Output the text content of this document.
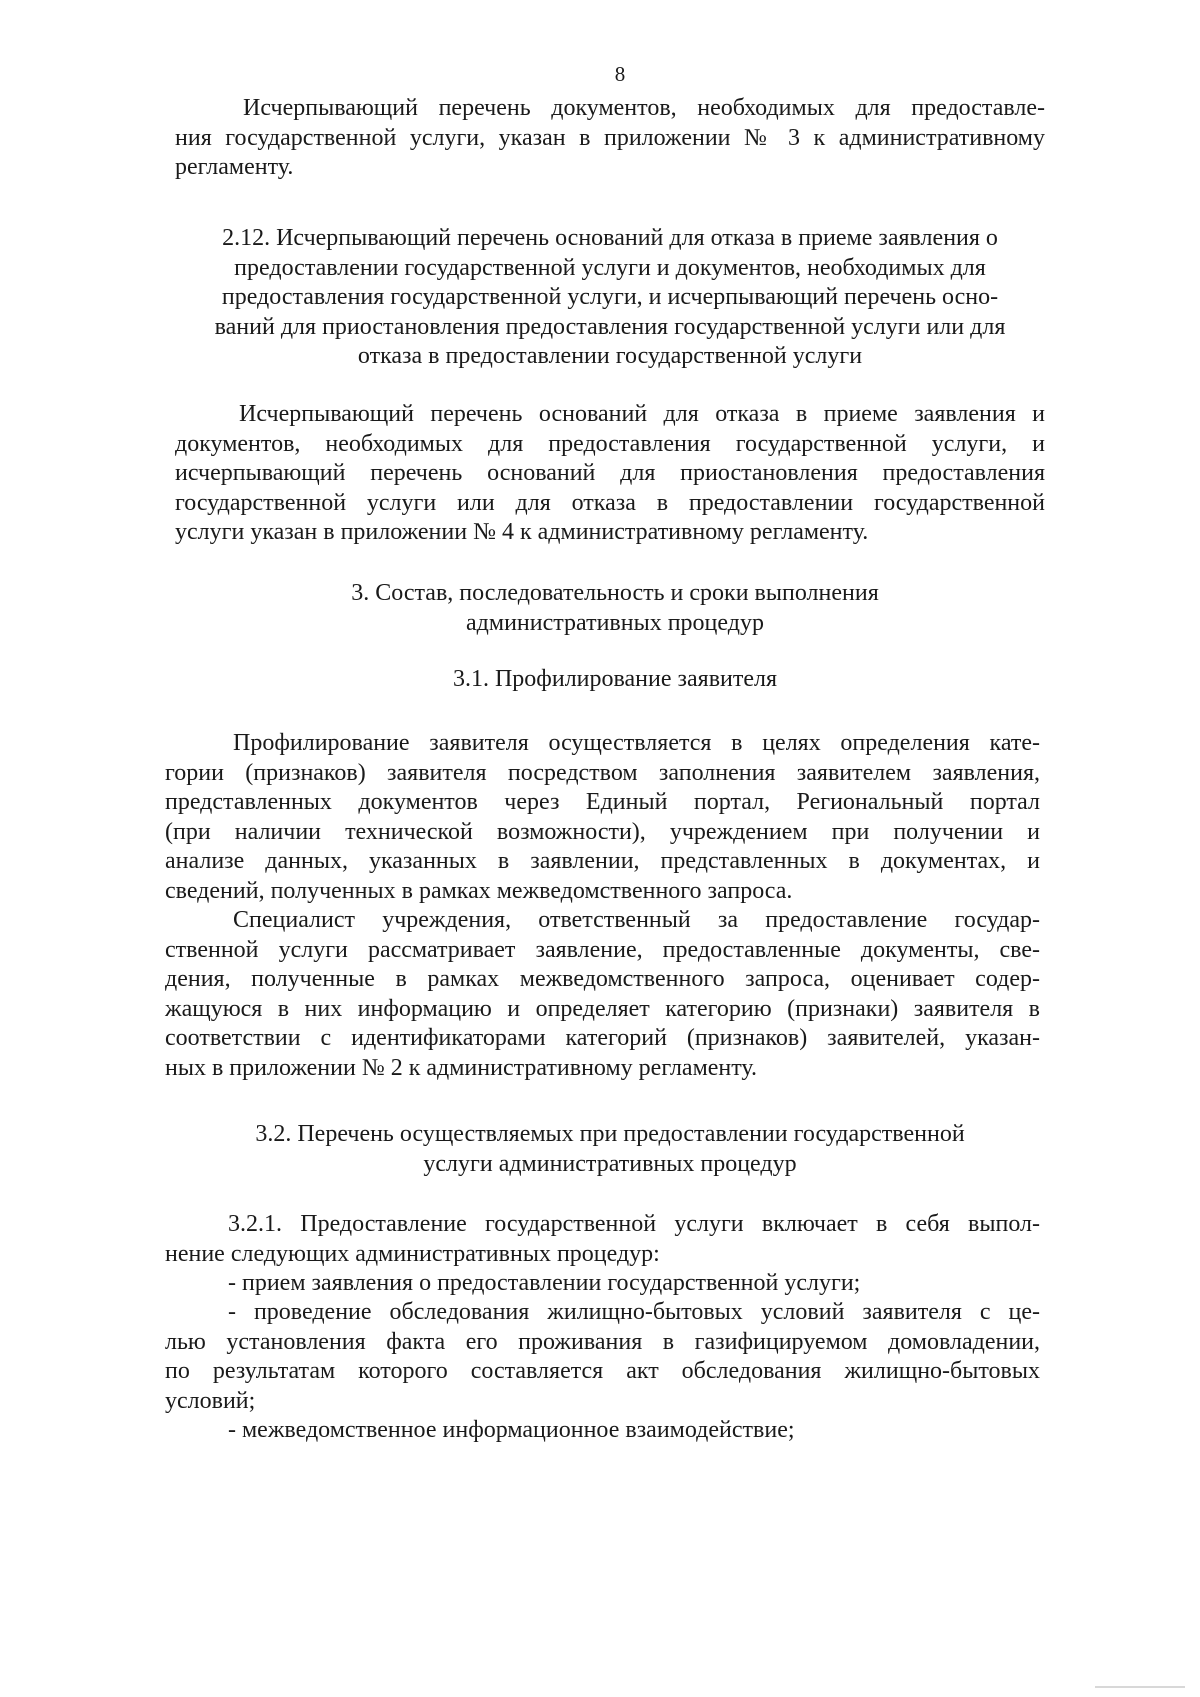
8
Исчерпывающий перечень документов, необходимых для предоставле-
ния государственной услуги, указан в приложении № 3 к административному
регламенту.
2.12. Исчерпывающий перечень оснований для отказа в приеме заявления о
предоставлении государственной услуги и документов, необходимых для
предоставления государственной услуги, и исчерпывающий перечень осно-
ваний для приостановления предоставления государственной услуги или для
отказа в предоставлении государственной услуги
Исчерпывающий перечень оснований для отказа в приеме заявления и
документов, необходимых для предоставления государственной услуги, и
исчерпывающий перечень оснований для приостановления предоставления
государственной услуги или для отказа в предоставлении государственной
услуги указан в приложении № 4 к административному регламенту.
3. Состав, последовательность и сроки выполнения
административных процедур
3.1. Профилирование заявителя
Профилирование заявителя осуществляется в целях определения кате-
гории (признаков) заявителя посредством заполнения заявителем заявления,
представленных документов через Единый портал, Региональный портал
(при наличии технической возможности), учреждением при получении и
анализе данных, указанных в заявлении, представленных в документах, и
сведений, полученных в рамках межведомственного запроса.
Специалист учреждения, ответственный за предоставление государ-
ственной услуги рассматривает заявление, предоставленные документы, све-
дения, полученные в рамках межведомственного запроса, оценивает содер-
жащуюся в них информацию и определяет категорию (признаки) заявителя в
соответствии с идентификаторами категорий (признаков) заявителей, указан-
ных в приложении № 2 к административному регламенту.
3.2. Перечень осуществляемых при предоставлении государственной
услуги административных процедур
3.2.1. Предоставление государственной услуги включает в себя выпол-
нение следующих административных процедур:
- прием заявления о предоставлении государственной услуги;
- проведение обследования жилищно-бытовых условий заявителя с це-
лью установления факта его проживания в газифицируемом домовладении,
по результатам которого составляется акт обследования жилищно-бытовых
условий;
- межведомственное информационное взаимодействие;
